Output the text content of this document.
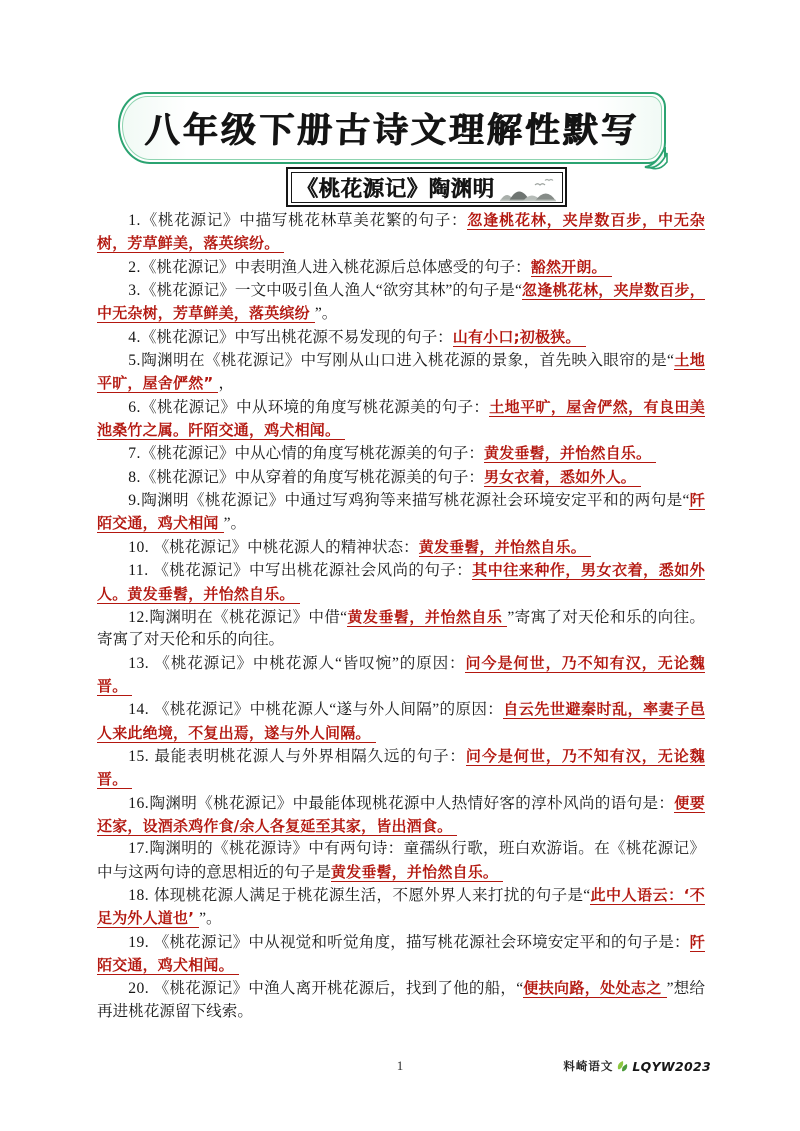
八年级下册古诗文理解性默写
《桃花源记》陶渊明

1.《桃花源记》中描写桃花林草美花繁的句子：忽逢桃花林，夹岸数百步，中无杂树，芳草鲜美，落英缤纷。

2.《桃花源记》中表明渔人进入桃花源后总体感受的句子：豁然开朗。

3.《桃花源记》一文中吸引鱼人渔人“欲穷其林”的句子是“忽逢桃花林，夹岸数百步，中无杂树，芳草鲜美，落英缤纷 ”。

4.《桃花源记》中写出桃花源不易发现的句子：山有小口;初极狭。

5.陶渊明在《桃花源记》中写刚从山口进入桃花源的景象，首先映入眼帘的是“土地平旷，屋舍俨然” ，

6.《桃花源记》中从环境的角度写桃花源美的句子：土地平旷，屋舍俨然，有良田美池桑竹之属。阡陌交通，鸡犬相闻。

7.《桃花源记》中从心情的角度写桃花源美的句子：黄发垂髫，并怡然自乐。

8.《桃花源记》中从穿着的角度写桃花源美的句子：男女衣着，悉如外人。

9.陶渊明《桃花源记》中通过写鸡狗等来描写桃花源社会环境安定平和的两句是“阡陌交通，鸡犬相闻 ”。

10. 《桃花源记》中桃花源人的精神状态：黄发垂髫，并怡然自乐。

11. 《桃花源记》中写出桃花源社会风尚的句子：其中往来种作，男女衣着，悉如外人。黄发垂髫，并怡然自乐。

12.陶渊明在《桃花源记》中借“黄发垂髫，并怡然自乐 ”寄寓了对天伦和乐的向往。寄寓了对天伦和乐的向往。

13. 《桃花源记》中桃花源人“皆叹惋”的原因：问今是何世，乃不知有汉，无论魏晋。

14. 《桃花源记》中桃花源人“遂与外人间隔”的原因：自云先世避秦时乱，率妻子邑人来此绝境，不复出焉，遂与外人间隔。

15. 最能表明桃花源人与外界相隔久远的句子：问今是何世，乃不知有汉，无论魏晋。

16.陶渊明《桃花源记》中最能体现桃花源中人热情好客的淳朴风尚的语句是：便要还家，设酒杀鸡作食/余人各复延至其家，皆出酒食。

17.陶渊明的《桃花源诗》中有两句诗：童孺纵行歌，班白欢游诣。在《桃花源记》中与这两句诗的意思相近的句子是黄发垂髫，并怡然自乐。

18. 体现桃花源人满足于桃花源生活，不愿外界人来打扰的句子是“此中人语云：‘不足为外人道也’ ”。

19. 《桃花源记》中从视觉和听觉角度，描写桃花源社会环境安定平和的句子是：阡陌交通，鸡犬相闻。

20. 《桃花源记》中渔人离开桃花源后，找到了他的船，“便扶向路，处处志之 ”想给再进桃花源留下线索。

1	料崎语文 LQYW2023
